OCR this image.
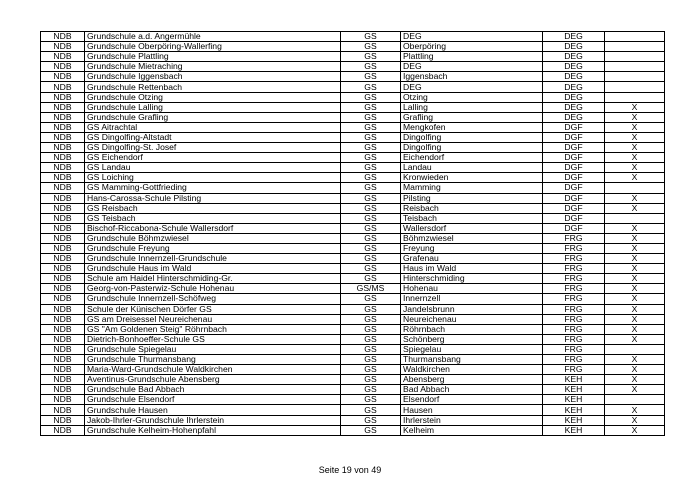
NDB	Grundschule a.d. Angermühle	GS	DEG	DEG	
NDB	Grundschule Oberpöring-Wallerfing	GS	Oberpöring	DEG	
NDB	Grundschule Plattling	GS	Plattling	DEG	
NDB	Grundschule Mietraching	GS	DEG	DEG	
NDB	Grundschule Iggensbach	GS	Iggensbach	DEG	
NDB	Grundschule Rettenbach	GS	DEG	DEG	
NDB	Grundschule Otzing	GS	Otzing	DEG	
NDB	Grundschule Lalling	GS	Lalling	DEG	X
NDB	Grundschule Grafling	GS	Grafling	DEG	X
NDB	GS Aitrachtal	GS	Mengkofen	DGF	X
NDB	GS Dingolfing-Altstadt	GS	Dingolfing	DGF	X
NDB	GS Dingolfing-St. Josef	GS	Dingolfing	DGF	X
NDB	GS Eichendorf	GS	Eichendorf	DGF	X
NDB	GS Landau	GS	Landau	DGF	X
NDB	GS Loiching	GS	Kronwieden	DGF	X
NDB	GS Mamming-Gottfrieding	GS	Mamming	DGF	
NDB	Hans-Carossa-Schule Pilsting	GS	Pilsting	DGF	X
NDB	GS Reisbach	GS	Reisbach	DGF	X
NDB	GS Teisbach	GS	Teisbach	DGF	
NDB	Bischof-Riccabona-Schule Wallersdorf	GS	Wallersdorf	DGF	X
NDB	Grundschule Böhmzwiesel	GS	Böhmzwiesel	FRG	X
NDB	Grundschule Freyung	GS	Freyung	FRG	X
NDB	Grundschule Innernzell-Grundschule	GS	Grafenau	FRG	X
NDB	Grundschule Haus im Wald	GS	Haus im Wald	FRG	X
NDB	Schule am Haidel Hinterschmiding-Gr.	GS	Hinterschmiding	FRG	X
NDB	Georg-von-Pasterwiz-Schule Hohenau	GS/MS	Hohenau	FRG	X
NDB	Grundschule Innernzell-Schöfweg	GS	Innernzell	FRG	X
NDB	Schule der Künischen Dörfer GS	GS	Jandelsbrunn	FRG	X
NDB	GS am Dreisessel Neureichenau	GS	Neureichenau	FRG	X
NDB	GS "Am Goldenen Steig" Röhrnbach	GS	Röhrnbach	FRG	X
NDB	Dietrich-Bonhoeffer-Schule GS	GS	Schönberg	FRG	X
NDB	Grundschule Spiegelau	GS	Spiegelau	FRG	
NDB	Grundschule Thurmansbang	GS	Thurmansbang	FRG	X
NDB	Maria-Ward-Grundschule Waldkirchen	GS	Waldkirchen	FRG	X
NDB	Aventinus-Grundschule Abensberg	GS	Abensberg	KEH	X
NDB	Grundschule Bad Abbach	GS	Bad Abbach	KEH	X
NDB	Grundschule Elsendorf	GS	Elsendorf	KEH	
NDB	Grundschule Hausen	GS	Hausen	KEH	X
NDB	Jakob-Ihrler-Grundschule Ihrlerstein	GS	Ihrlerstein	KEH	X
NDB	Grundschule Kelheim-Hohenpfahl	GS	Kelheim	KEH	X
Seite 19 von 49
